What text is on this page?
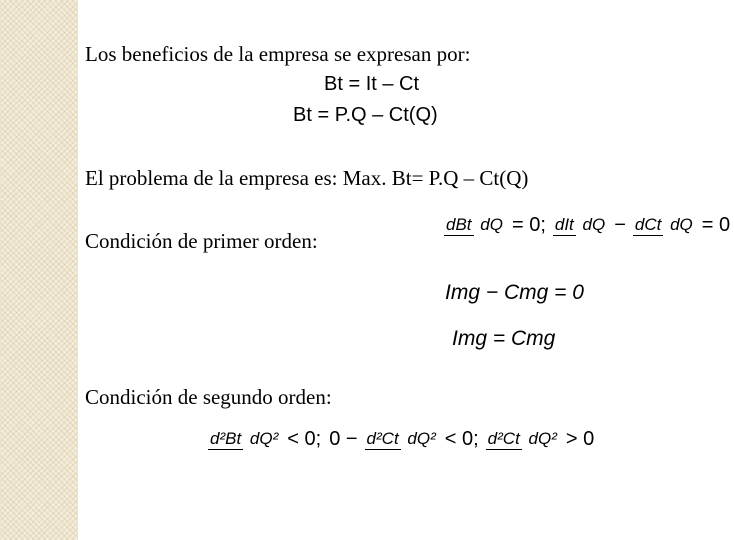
Los beneficios de la empresa se expresan por:
Bt = It – Ct
Bt = P.Q – Ct(Q)
El problema de la empresa es: Max. Bt= P.Q – Ct(Q)
Condición de primer orden:
dBt dQ = 0; dIt dQ − dCt dQ = 0
Img − Cmg = 0
Img = Cmg
Condición de segundo orden:
d²Bt dQ² < 0; 0 − d²Ct dQ² < 0; d²Ct dQ² > 0
